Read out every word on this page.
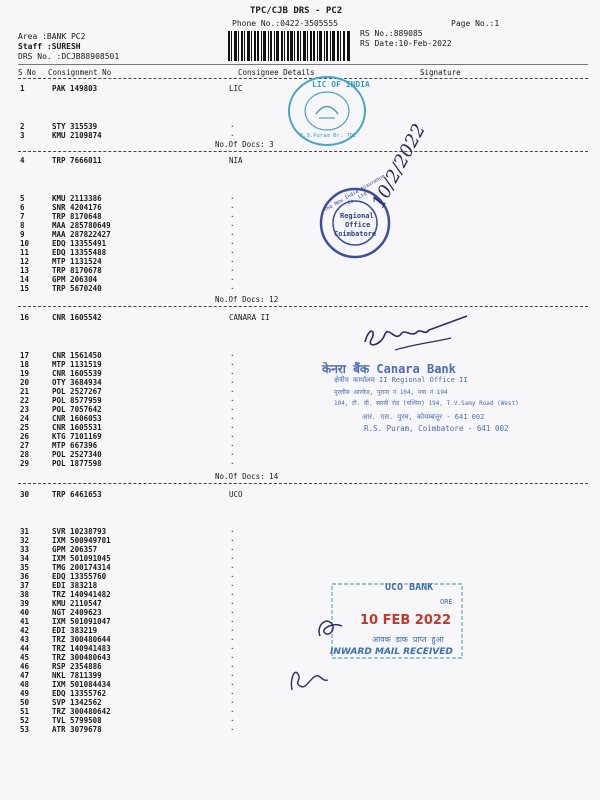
TPC/CJB DRS - PC2
Phone No.:0422-3505555	Page No.:1
RS No.:889085
RS Date:10-Feb-2022
Area :BANK PC2
Staff :SURESH
DRS No. :DCJB88908501
S No Consignment No	Consignee Details	Signature
LIC
1	PAK 149803
2	STY 315539	.
3	KMU 2109874	.
No.Of Docs: 3
NIA
4	TRP 7666011
5	KMU 2113386	.
6	SNR 4204176	.
7	TRP 8170648	.
8	MAA 285780649	.
9	MAA 287822427	.
10	EDQ 13355491	.
11	EDQ 13355488	.
12	MTP 1131524	.
13	TRP 8170678	.
14	GPM 206304	.
15	TRP 5670240	.
No.Of Docs: 12
CANARA II
16	CNR 1605542
17	CNR 1561450	.
18	MTP 1131519	.
19	CNR 1605539	.
20	OTY 3684934	.
21	POL 2527267	.
22	POL 8577959	.
23	POL 7057642	.
24	CNR 1606053	.
25	CNR 1605531	.
26	KTG 7101169	.
27	MTP 667396	.
28	POL 2527340	.
29	POL 1877598	.
No.Of Docs: 14
UCO
30	TRP 6461653
31	SVR 10238793	.
32	IXM 500949701	.
33	GPM 206357	.
34	IXM 501091045	.
35	TMG 200174314	.
36	EDQ 13355760	.
37	EDI 383218	.
38	TRZ 140941482	.
39	KMU 2110547	.
40	NGT 2409623	.
41	IXM 501091047	.
42	EDI 383219	.
43	TRZ 300480644	.
44	TRZ 140941483	.
45	TRZ 300480643	.
46	RSP 2354886	.
47	NKL 7811399	.
48	IXM 501084434	.
49	EDQ 13355762	.
50	SVP 1342562	.
51	TRZ 300480642	.
52	TVL 5799508	.
53	ATR 3079678	.
LIC OF INDIA
R.S.Puram Br. 7DE
The New India Assurance Co. Ltd
Regional
Office
Coimbatore
10/2/2022
केनरा बैंक Canara Bank
क्षेत्रीय कार्यालय II Regional Office II
मुरलीस आरकेड, पुराना नं 104, नया नं 194
104, टी. वी. स्वामी रोड (पश्चिम) 194, T.V.Samy Road (West)
आर. एस. पुरम, कोयम्बत्तूर - 641 002
R.S. Puram, Coimbatore - 641 002
UCO BANK
ORE
10 FEB 2022
आवक डाक प्राप्त हुआ
INWARD MAIL RECEIVED
